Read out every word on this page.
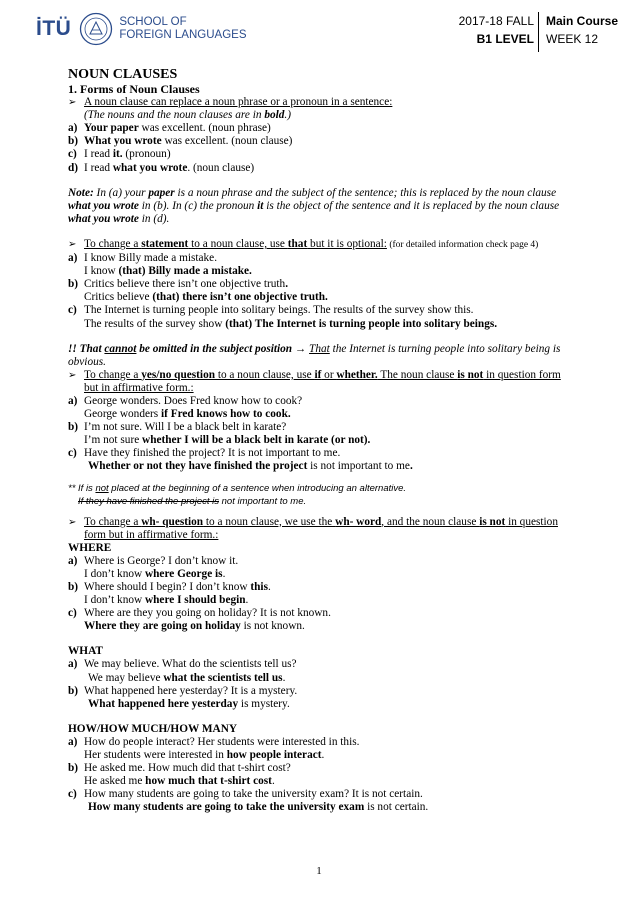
İTÜ	SCHOOL OF
FOREIGN LANGUAGES
2017-18 FALL
B1 LEVEL
Main Course
WEEK 12

NOUN CLAUSES

1. Forms of Noun Clauses

➢ A noun clause can replace a noun phrase or a pronoun in a sentence:

(The nouns and the noun clauses are in bold.)

a) Your paper was excellent. (noun phrase)
b) What you wrote was excellent. (noun clause)
c) I read it. (pronoun)
d) I read what you wrote. (noun clause)

Note: In (a) your paper is a noun phrase and the subject of the sentence; this is replaced by the noun clause
what you wrote in (b). In (c) the pronoun it is the object of the sentence and it is replaced by the noun clause
what you wrote in (d).

➢ To change a statement to a noun clause, use that but it is optional: (for detailed information check page 4)
a) I know Billy made a mistake.

I know (that) Billy made a mistake.

b) Critics believe there isn’t one objective truth.

Critics believe (that) there isn’t one objective truth.

c) The Internet is turning people into solitary beings. The results of the survey show this.

The results of the survey show (that) The Internet is turning people into solitary beings.

!! That cannot be omitted in the subject position → That the Internet is turning people into solitary being is
obvious.

➢ To change a yes/no question to a noun clause, use if or whether. The noun clause is not in question form
but in affirmative form.:
a) George wonders. Does Fred know how to cook?

George wonders if Fred knows how to cook.

b) I’m not sure. Will I be a black belt in karate?

I’m not sure whether I will be a black belt in karate (or not).

c) Have they finished the project? It is not important to me.

Whether or not they have finished the project is not important to me.

** If is not placed at the beginning of a sentence when introducing an alternative.

If they have finished the project is not important to me.

➢ To change a wh- question to a noun clause, we use the wh- word, and the noun clause is not in question
form but in affirmative form.:

WHERE

a) Where is George? I don’t know it.

I don’t know where George is.

b) Where should I begin? I don’t know this.

I don’t know where I should begin.

c) Where are they you going on holiday? It is not known.

Where they are going on holiday is not known.

WHAT

a) We may believe. What do the scientists tell us?

We may believe what the scientists tell us.

b) What happened here yesterday? It is a mystery.

What happened here yesterday is mystery.

HOW/HOW MUCH/HOW MANY

a) How do people interact? Her students were interested in this.

Her students were interested in how people interact.

b) He asked me. How much did that t-shirt cost?

He asked me how much that t-shirt cost.

c) How many students are going to take the university exam? It is not certain.

How many students are going to take the university exam is not certain.

1
